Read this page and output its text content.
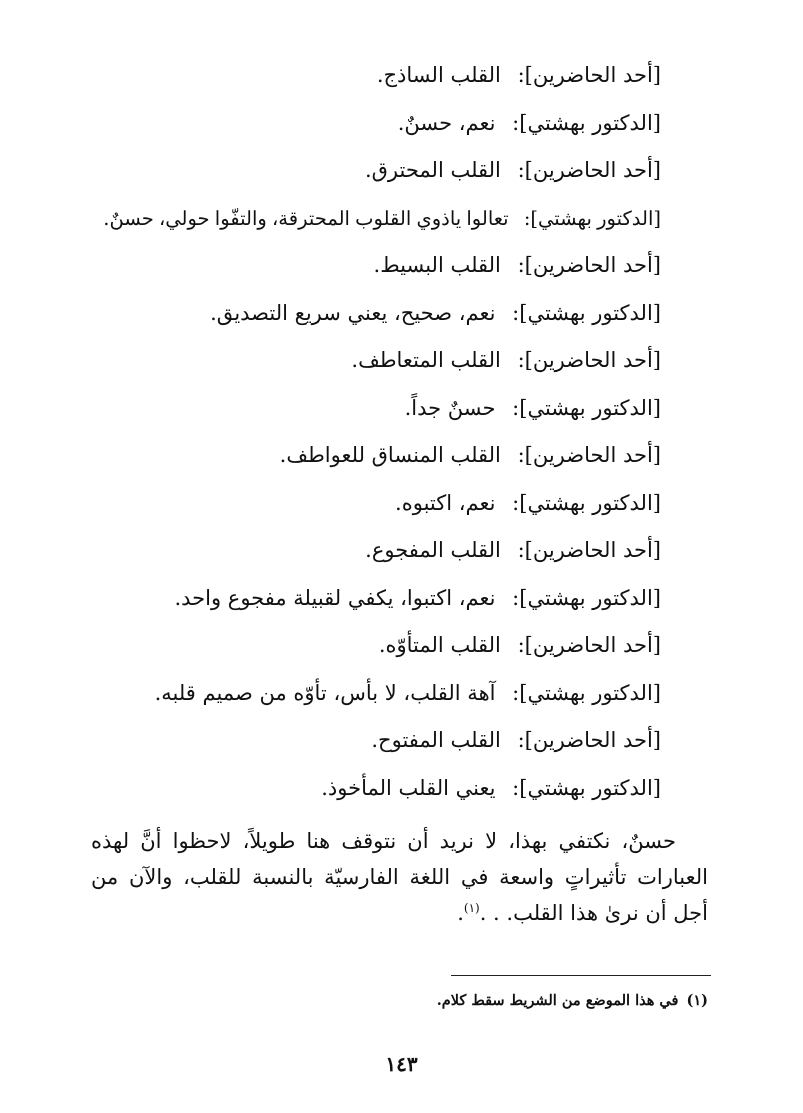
[أحد الحاضرين]: القلب الساذج.
[الدكتور بهشتي]: نعم، حسنٌ.
[أحد الحاضرين]: القلب المحترق.
[الدكتور بهشتي]: تعالوا ياذوي القلوب المحترقة، والتفّوا حولي، حسنٌ.
[أحد الحاضرين]: القلب البسيط.
[الدكتور بهشتي]: نعم، صحيح، يعني سريع التصديق.
[أحد الحاضرين]: القلب المتعاطف.
[الدكتور بهشتي]: حسنٌ جداً.
[أحد الحاضرين]: القلب المنساق للعواطف.
[الدكتور بهشتي]: نعم، اكتبوه.
[أحد الحاضرين]: القلب المفجوع.
[الدكتور بهشتي]: نعم، اكتبوا، يكفي لقبيلة مفجوع واحد.
[أحد الحاضرين]: القلب المتأوّه.
[الدكتور بهشتي]: آهة القلب، لا بأس، تأوّه من صميم قلبه.
[أحد الحاضرين]: القلب المفتوح.
[الدكتور بهشتي]: يعني القلب المأخوذ.
حسنٌ، نكتفي بهذا، لا نريد أن نتوقف هنا طويلاً، لاحظوا أنَّ لهذه العبارات تأثيراتٍ واسعة في اللغة الفارسيّة بالنسبة للقلب، والآن من أجل أن نرىٰ هذا القلب. . .$^{(١)}$.
(١)في هذا الموضع من الشريط سقط كلام.
١٤٣
